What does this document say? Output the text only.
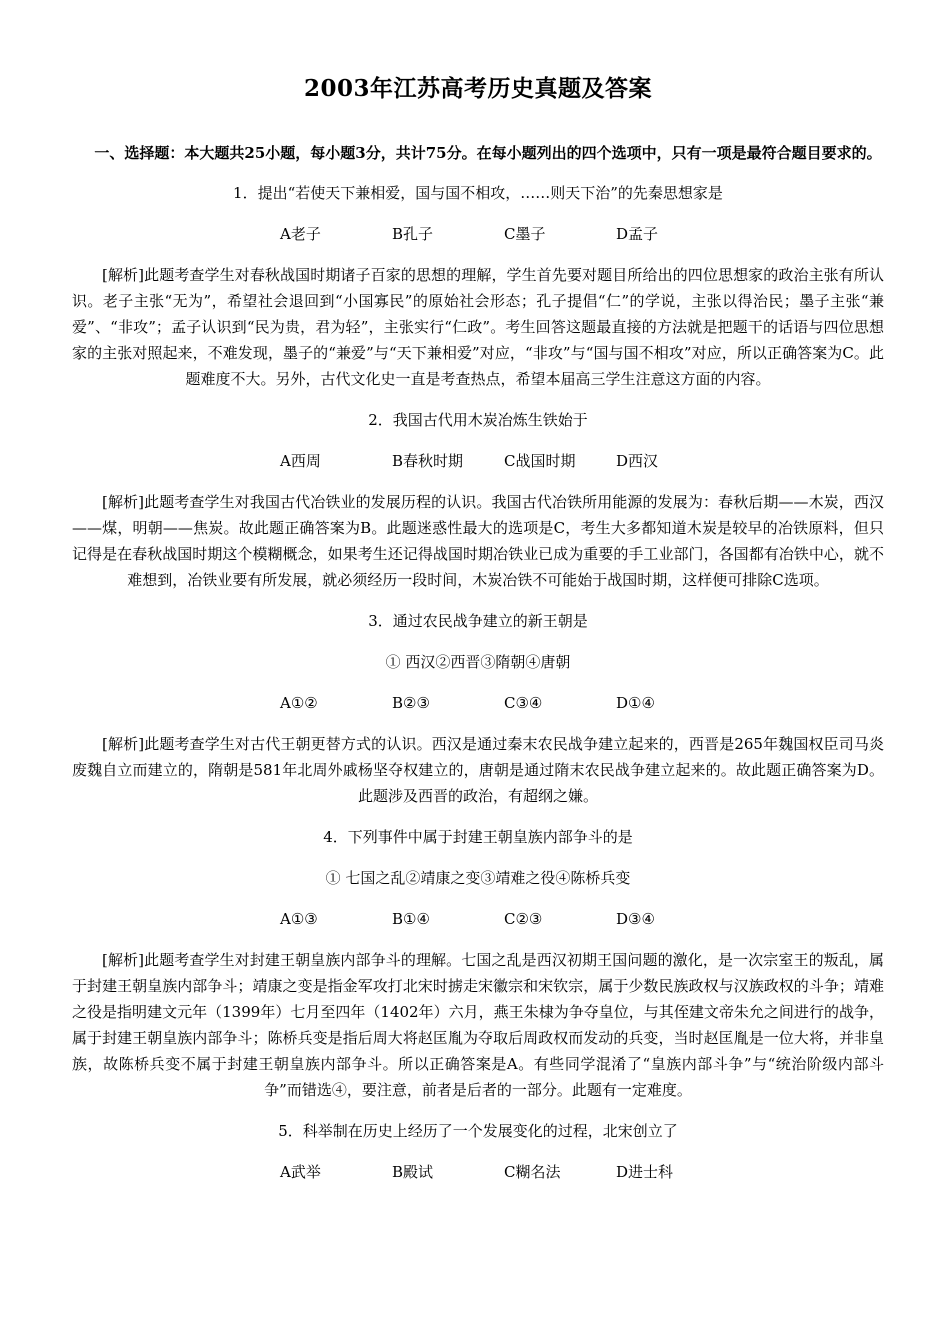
2003年江苏高考历史真题及答案
一、选择题：本大题共25小题，每小题3分，共计75分。在每小题列出的四个选项中，只有一项是最符合题目要求的。
1．提出“若使天下兼相爱，国与国不相攻，……则天下治”的先秦思想家是
A老子	B孔子	C墨子	D孟子

[解析]此题考查学生对春秋战国时期诸子百家的思想的理解，学生首先要对题目所给出的四位思想家的政治主张有所认识。老子主张“无为”，希望社会退回到“小国寡民”的原始社会形态；孔子提倡“仁”的学说，主张以得治民；墨子主张“兼爱”、“非攻”；孟子认识到“民为贵，君为轻”，主张实行“仁政”。考生回答这题最直接的方法就是把题干的话语与四位思想家的主张对照起来，不难发现，墨子的“兼爱”与“天下兼相爱”对应，“非攻”与“国与国不相攻”对应，所以正确答案为C。此题难度不大。另外，古代文化史一直是考查热点，希望本届高三学生注意这方面的内容。

2．我国古代用木炭冶炼生铁始于
A西周	B春秋时期	C战国时期	D西汉

[解析]此题考查学生对我国古代冶铁业的发展历程的认识。我国古代冶铁所用能源的发展为：春秋后期——木炭，西汉——煤，明朝——焦炭。故此题正确答案为B。此题迷惑性最大的选项是C，考生大多都知道木炭是较早的冶铁原料，但只记得是在春秋战国时期这个模糊概念，如果考生还记得战国时期冶铁业已成为重要的手工业部门，各国都有冶铁中心，就不难想到，冶铁业要有所发展，就必须经历一段时间，木炭冶铁不可能始于战国时期，这样便可排除C选项。

3．通过农民战争建立的新王朝是
① 西汉②西晋③隋朝④唐朝
A①②	B②③	C③④	D①④

[解析]此题考查学生对古代王朝更替方式的认识。西汉是通过秦末农民战争建立起来的，西晋是265年魏国权臣司马炎废魏自立而建立的，隋朝是581年北周外戚杨坚夺权建立的，唐朝是通过隋末农民战争建立起来的。故此题正确答案为D。此题涉及西晋的政治，有超纲之嫌。

4．下列事件中属于封建王朝皇族内部争斗的是
① 七国之乱②靖康之变③靖难之役④陈桥兵变
A①③	B①④	C②③	D③④

[解析]此题考查学生对封建王朝皇族内部争斗的理解。七国之乱是西汉初期王国问题的激化，是一次宗室王的叛乱，属于封建王朝皇族内部争斗；靖康之变是指金军攻打北宋时掳走宋徽宗和宋钦宗，属于少数民族政权与汉族政权的斗争；靖难之役是指明建文元年（1399年）七月至四年（1402年）六月，燕王朱棣为争夺皇位，与其侄建文帝朱允之间进行的战争，属于封建王朝皇族内部争斗；陈桥兵变是指后周大将赵匡胤为夺取后周政权而发动的兵变，当时赵匡胤是一位大将，并非皇族，故陈桥兵变不属于封建王朝皇族内部争斗。所以正确答案是A。有些同学混淆了“皇族内部斗争”与“统治阶级内部斗争”而错选④，要注意，前者是后者的一部分。此题有一定难度。

5．科举制在历史上经历了一个发展变化的过程，北宋创立了
A武举	B殿试	C糊名法	D进士科
